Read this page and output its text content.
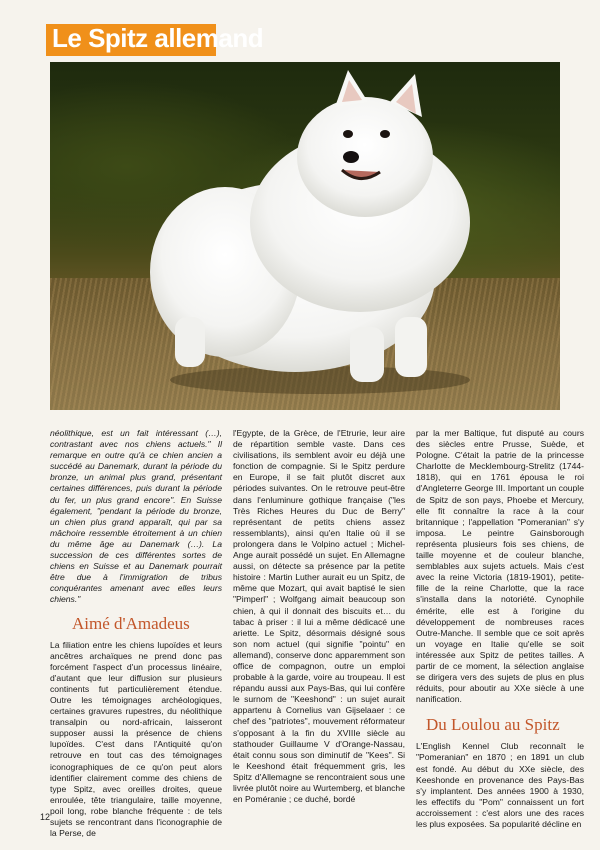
Le Spitz allemand

néolithique, est un fait intéressant (…), contrastant avec nos chiens actuels." Il remarque en outre qu'à ce chien ancien a succédé au Danemark, durant la période du bronze, un animal plus grand, présentant certaines différences, puis durant la période du fer, un plus grand encore". En Suisse également, "pendant la période du bronze, un chien plus grand apparaît, qui par sa mâchoire ressemble étroitement à un chien du même âge au Danemark (…). La succession de ces différentes sortes de chiens en Suisse et au Danemark pourrait être due à l'immigration de tribus conquérantes amenant avec elles leurs chiens."

Aimé d'Amadeus

La filiation entre les chiens lupoïdes et leurs ancêtres archaïques ne prend donc pas forcément l'aspect d'un processus linéaire, d'autant que leur diffusion sur plusieurs continents fut particulièrement étendue. Outre les témoignages archéologiques, certaines gravures rupestres, du néolithique transalpin ou nord-africain, laisseront supposer aussi la présence de chiens lupoïdes. C'est dans l'Antiquité qu'on retrouve en tout cas des témoignages iconographiques de ce qu'on peut alors identifier clairement comme des chiens de type Spitz, avec oreilles droites, queue enroulée, tête triangulaire, taille moyenne, poil long, robe blanche fréquente : de tels sujets se rencontrant dans l'iconographie de la Perse, de

l'Egypte, de la Grèce, de l'Etrurie, leur aire de répartition semble vaste. Dans ces civilisations, ils semblent avoir eu déjà une fonction de compagnie. Si le Spitz perdure en Europe, il se fait plutôt discret aux périodes suivantes. On le retrouve peut-être dans l'enluminure gothique française ("les Très Riches Heures du Duc de Berry" représentant de petits chiens assez ressemblants), ainsi qu'en Italie où il se prolongera dans le Volpino actuel ; Michel-Ange aurait possédé un sujet. En Allemagne aussi, on détecte sa présence par la petite histoire : Martin Luther aurait eu un Spitz, de même que Mozart, qui avait baptisé le sien "Pimperl" ; Wolfgang aimait beaucoup son chien, à qui il donnait des biscuits et… du tabac à priser : il lui a même dédicacé une ariette. Le Spitz, désormais désigné sous son nom actuel (qui signifie "pointu" en allemand), conserve donc apparemment son office de compagnon, outre un emploi probable à la garde, voire au troupeau. Il est répandu aussi aux Pays-Bas, qui lui confère le surnom de "Keeshond" : un sujet aurait appartenu à Cornelius van Gijselaaer : ce chef des "patriotes", mouvement réformateur s'opposant à la fin du XVIIIe siècle au stathouder Guillaume V d'Orange-Nassau, était connu sous son diminutif de "Kees". Si le Keeshond était fréquemment gris, les Spitz d'Allemagne se rencontraient sous une livrée plutôt noire au Wurtemberg, et blanche en Poméranie ; ce duché, bordé

par la mer Baltique, fut disputé au cours des siècles entre Prusse, Suède, et Pologne. C'était la patrie de la princesse Charlotte de Mecklembourg-Strelitz (1744-1818), qui en 1761 épousa le roi d'Angleterre George III. Important un couple de Spitz de son pays, Phoebe et Mercury, elle fit connaître la race à la cour britannique ; l'appellation "Pomeranian" s'y imposa. Le peintre Gainsborough représenta plusieurs fois ses chiens, de taille moyenne et de couleur blanche, semblables aux sujets actuels. Mais c'est avec la reine Victoria (1819-1901), petite-fille de la reine Charlotte, que la race s'installa dans la notoriété. Cynophile émérite, elle est à l'origine du développement de nombreuses races Outre-Manche. Il semble que ce soit après un voyage en Italie qu'elle se soit intéressée aux Spitz de petites tailles. A partir de ce moment, la sélection anglaise se dirigera vers des sujets de plus en plus réduits, pour aboutir au XXe siècle à une nanification.

Du Loulou au Spitz

L'English Kennel Club reconnaît le "Pomeranian" en 1870 ; en 1891 un club est fondé. Au début du XXe siècle, des Keeshonde en provenance des Pays-Bas s'y implantent. Des années 1900 à 1930, les effectifs du "Pom" connaissent un fort accroissement : c'est alors une des races les plus exposées. Sa popularité décline en

12
